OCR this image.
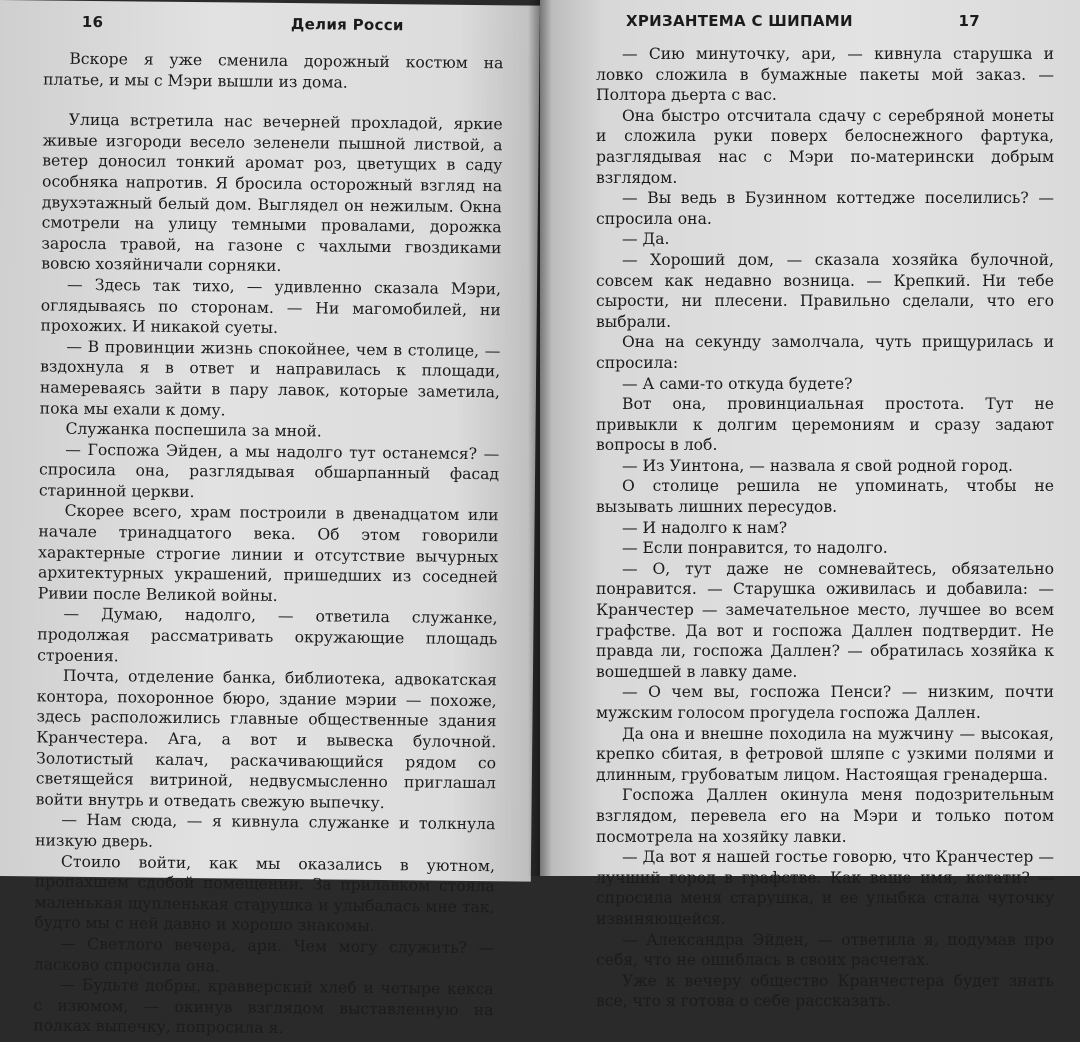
16	Делия Росси

Вскоре я уже сменила дорожный костюм на платье, и мы с Мэри вышли из дома.

Улица встретила нас вечерней прохладой, яркие живые изгороди весело зеленели пышной листвой, а ветер доносил тонкий аромат роз, цветущих в саду особняка напротив. Я бросила осторожный взгляд на двухэтажный белый дом. Выглядел он нежилым. Окна смотрели на улицу темными провалами, дорожка заросла травой, на газоне с чахлыми гвоздиками вовсю хозяйничали сорняки.

— Здесь так тихо, — удивленно сказала Мэри, оглядываясь по сторонам. — Ни магомобилей, ни прохожих. И никакой суеты.

— В провинции жизнь спокойнее, чем в столице, — вздохнула я в ответ и направилась к площади, намереваясь зайти в пару лавок, которые заметила, пока мы ехали к дому.

Служанка поспешила за мной.

— Госпожа Эйден, а мы надолго тут останемся? — спросила она, разглядывая обшарпанный фасад старинной церкви.

Скорее всего, храм построили в двенадцатом или начале тринадцатого века. Об этом говорили характерные строгие линии и отсутствие вычурных архитектурных украшений, пришедших из соседней Ривии после Великой войны.

— Думаю, надолго, — ответила служанке, продолжая рассматривать окружающие площадь строения.

Почта, отделение банка, библиотека, адвокатская контора, похоронное бюро, здание мэрии — похоже, здесь расположились главные общественные здания Кранчестера. Ага, а вот и вывеска булочной. Золотистый калач, раскачивающийся рядом со светящейся витриной, недвусмысленно приглашал войти внутрь и отведать свежую выпечку.

— Нам сюда, — я кивнула служанке и толкнула низкую дверь.

Стоило войти, как мы оказались в уютном, пропахшем сдобой помещении. За прилавком стояла маленькая щупленькая старушка и улыбалась мне так, будто мы с ней давно и хорошо знакомы.

— Светлого вечера, ари. Чем могу служить? — ласково спросила она.

— Будьте добры, кравверский хлеб и четыре кекса с изюмом, — окинув взглядом выставленную на полках выпечку, попросила я.

ХРИЗАНТЕМА С ШИПАМИ	17

— Сию минуточку, ари, — кивнула старушка и ловко сложила в бумажные пакеты мой заказ. — Полтора дьерта с вас.

Она быстро отсчитала сдачу с серебряной монеты и сложила руки поверх белоснежного фартука, разглядывая нас с Мэри по-матерински добрым взглядом.

— Вы ведь в Бузинном коттедже поселились? — спросила она.

— Да.

— Хороший дом, — сказала хозяйка булочной, совсем как недавно возница. — Крепкий. Ни тебе сырости, ни плесени. Правильно сделали, что его выбрали.

Она на секунду замолчала, чуть прищурилась и спросила:

— А сами-то откуда будете?

Вот она, провинциальная простота. Тут не привыкли к долгим церемониям и сразу задают вопросы в лоб.

— Из Уинтона, — назвала я свой родной город.

О столице решила не упоминать, чтобы не вызывать лишних пересудов.

— И надолго к нам?

— Если понравится, то надолго.

— О, тут даже не сомневайтесь, обязательно понравится. — Старушка оживилась и добавила: — Кранчестер — замечательное место, лучшее во всем графстве. Да вот и госпожа Даллен подтвердит. Не правда ли, госпожа Даллен? — обратилась хозяйка к вошедшей в лавку даме.

— О чем вы, госпожа Пенси? — низким, почти мужским голосом прогудела госпожа Даллен.

Да она и внешне походила на мужчину — высокая, крепко сбитая, в фетровой шляпе с узкими полями и длинным, грубоватым лицом. Настоящая гренадерша.

Госпожа Даллен окинула меня подозрительным взглядом, перевела его на Мэри и только потом посмотрела на хозяйку лавки.

— Да вот я нашей гостье говорю, что Кранчестер — лучший город в графстве. Как ваше имя, кстати? — спросила меня старушка, и ее улыбка стала чуточку извиняющейся.

— Александра Эйден, — ответила я, подумав про себя, что не ошиблась в своих расчетах.

Уже к вечеру общество Кранчестера будет знать все, что я готова о себе рассказать.
